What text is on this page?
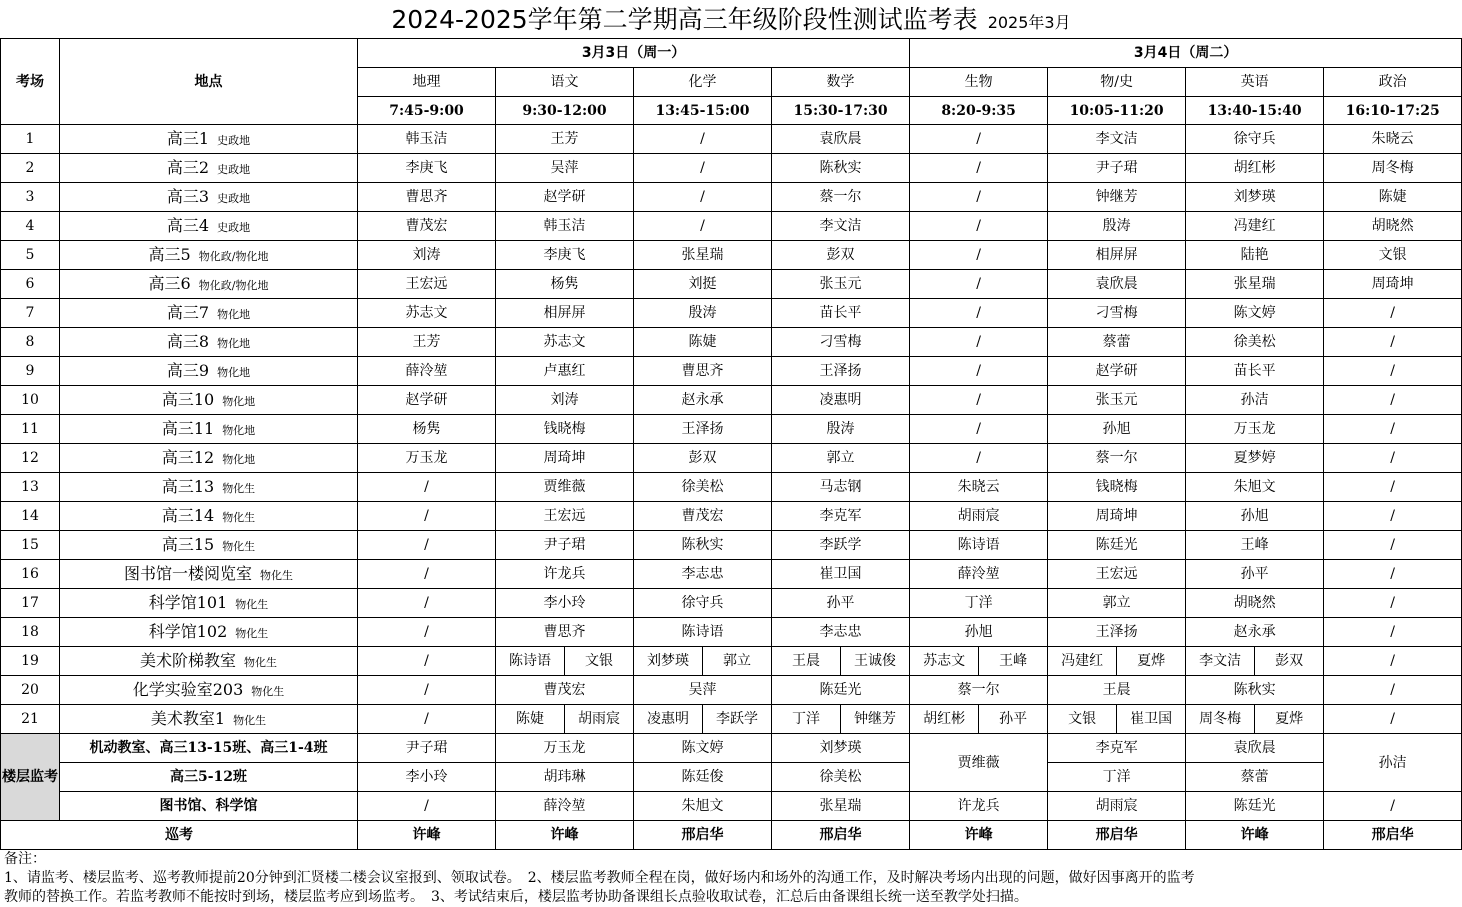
2024-2025学年第二学期高三年级阶段性测试监考表 2025年3月
考场	地点	3月3日（周一）							3月4日（周二）						
		地理	语文		化学		数学		生物		物/史		英语		政治
		7:45-9:00	9:30-12:00		13:45-15:00		15:30-17:30		8:20-9:35		10:05-11:20		13:40-15:40		16:10-17:25
1	高三1 史政地	韩玉洁	王芳		/		袁欣晨		/		李文洁		徐守兵		朱晓云
2	高三2 史政地	李庚飞	吴萍		/		陈秋实		/		尹子珺		胡红彬		周冬梅
3	高三3 史政地	曹思齐	赵学研		/		蔡一尔		/		钟继芳		刘梦瑛		陈婕
4	高三4 史政地	曹茂宏	韩玉洁		/		李文洁		/		殷涛		冯建红		胡晓然
5	高三5 物化政/物化地	刘涛	李庚飞		张星瑞		彭双		/		相屏屏		陆艳		文银
6	高三6 物化政/物化地	王宏远	杨隽		刘挺		张玉元		/		袁欣晨		张星瑞		周琦坤
7	高三7 物化地	苏志文	相屏屏		殷涛		苗长平		/		刁雪梅		陈文婷		/
8	高三8 物化地	王芳	苏志文		陈婕		刁雪梅		/		蔡蕾		徐美松		/
9	高三9 物化地	薛泠堃	卢惠红		曹思齐		王泽扬		/		赵学研		苗长平		/
10	高三10 物化地	赵学研	刘涛		赵永承		凌惠明		/		张玉元		孙洁		/
11	高三11 物化地	杨隽	钱晓梅		王泽扬		殷涛		/		孙旭		万玉龙		/
12	高三12 物化地	万玉龙	周琦坤		彭双		郭立		/		蔡一尔		夏梦婷		/
13	高三13 物化生	/	贾维薇		徐美松		马志钢		朱晓云		钱晓梅		朱旭文		/
14	高三14 物化生	/	王宏远		曹茂宏		李克军		胡雨宸		周琦坤		孙旭		/
15	高三15 物化生	/	尹子珺		陈秋实		李跃学		陈诗语		陈廷光		王峰		/
16	图书馆一楼阅览室 物化生	/	许龙兵		李志忠		崔卫国		薛泠堃		王宏远		孙平		/
17	科学馆101 物化生	/	李小玲		徐守兵		孙平		丁洋		郭立		胡晓然		/
18	科学馆102 物化生	/	曹思齐		陈诗语		李志忠		孙旭		王泽扬		赵永承		/
19	美术阶梯教室 物化生	/	陈诗语	文银	刘梦瑛	郭立	王晨	王诚俊	苏志文	王峰	冯建红	夏烨	李文洁	彭双	/
20	化学实验室203 物化生	/	曹茂宏		吴萍		陈廷光		蔡一尔		王晨		陈秋实		/
21	美术教室1 物化生	/	陈婕	胡雨宸	凌惠明	李跃学	丁洋	钟继芳	胡红彬	孙平	文银	崔卫国	周冬梅	夏烨	/
楼层监考	机动教室、高三13-15班、高三1-4班	尹子珺	万玉龙		陈文婷		刘梦瑛		贾维薇		李克军		袁欣晨		孙洁
	高三5-12班	李小玲	胡玮琳		陈廷俊		徐美松				丁洋		蔡蕾		
	图书馆、科学馆	/	薛泠堃		朱旭文		张星瑞		许龙兵		胡雨宸		陈廷光		/
巡考		许峰	许峰		邢启华		邢启华		许峰		邢启华		许峰		邢启华

备注：

1、请监考、楼层监考、巡考教师提前20分钟到汇贤楼二楼会议室报到、领取试卷。　2、楼层监考教师全程在岗，做好场内和场外的沟通工作，及时解决考场内出现的问题，做好因事离开的监考

教师的替换工作。若监考教师不能按时到场，楼层监考应到场监考。　3、考试结束后，楼层监考协助备课组长点验收取试卷，汇总后由备课组长统一送至教学处扫描。
